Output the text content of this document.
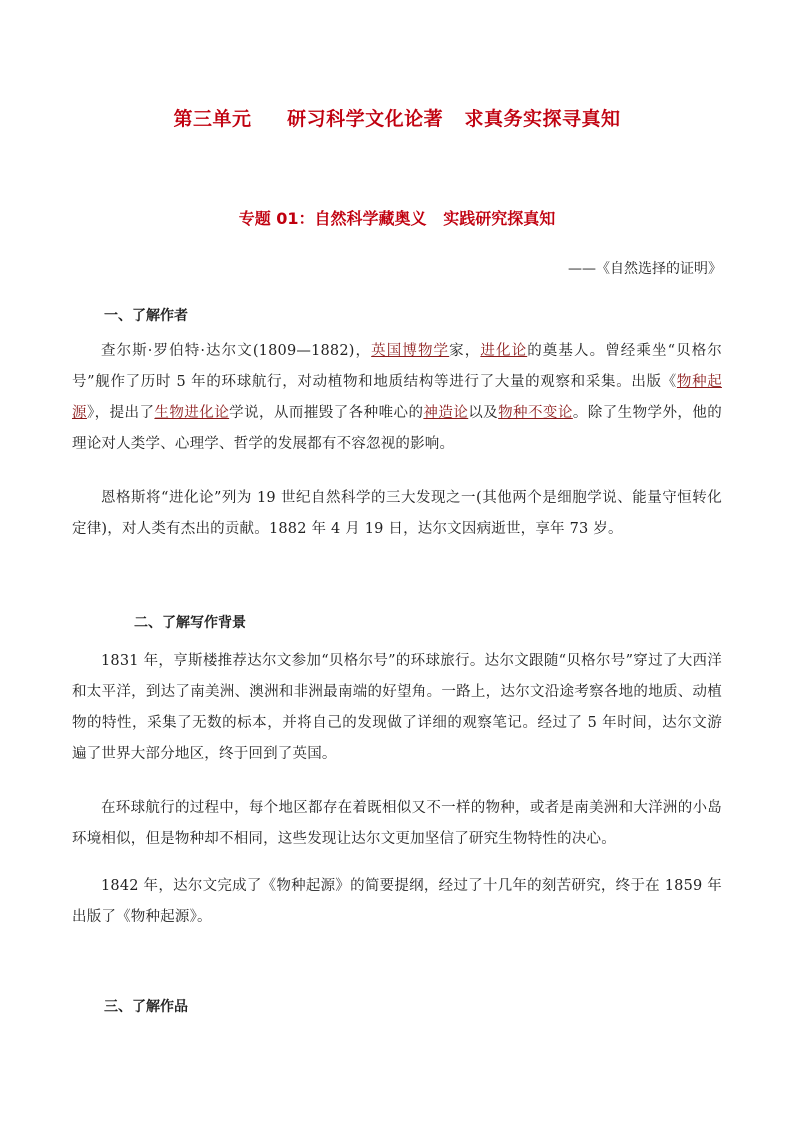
第三单元     研习科学文化论著   求真务实探寻真知
专题 01：自然科学藏奥义   实践研究探真知
——《自然选择的证明》
一、了解作者

查尔斯·罗伯特·达尔文(1809—1882)，英国博物学家，进化论的奠基人。曾经乘坐“贝格尔号”舰作了历时 5 年的环球航行，对动植物和地质结构等进行了大量的观察和采集。出版《物种起源》，提出了生物进化论学说，从而摧毁了各种唯心的神造论以及物种不变论。除了生物学外，他的理论对人类学、心理学、哲学的发展都有不容忽视的影响。

恩格斯将“进化论”列为 19 世纪自然科学的三大发现之一(其他两个是细胞学说、能量守恒转化定律)，对人类有杰出的贡献。1882 年 4 月 19 日，达尔文因病逝世，享年 73 岁。

二、了解写作背景

1831 年，亨斯楼推荐达尔文参加“贝格尔号”的环球旅行。达尔文跟随“贝格尔号”穿过了大西洋和太平洋，到达了南美洲、澳洲和非洲最南端的好望角。一路上，达尔文沿途考察各地的地质、动植物的特性，采集了无数的标本，并将自己的发现做了详细的观察笔记。经过了 5 年时间，达尔文游遍了世界大部分地区，终于回到了英国。

在环球航行的过程中，每个地区都存在着既相似又不一样的物种，或者是南美洲和大洋洲的小岛环境相似，但是物种却不相同，这些发现让达尔文更加坚信了研究生物特性的决心。

1842 年，达尔文完成了《物种起源》的简要提纲，经过了十几年的刻苦研究，终于在 1859 年出版了《物种起源》。

三、了解作品
